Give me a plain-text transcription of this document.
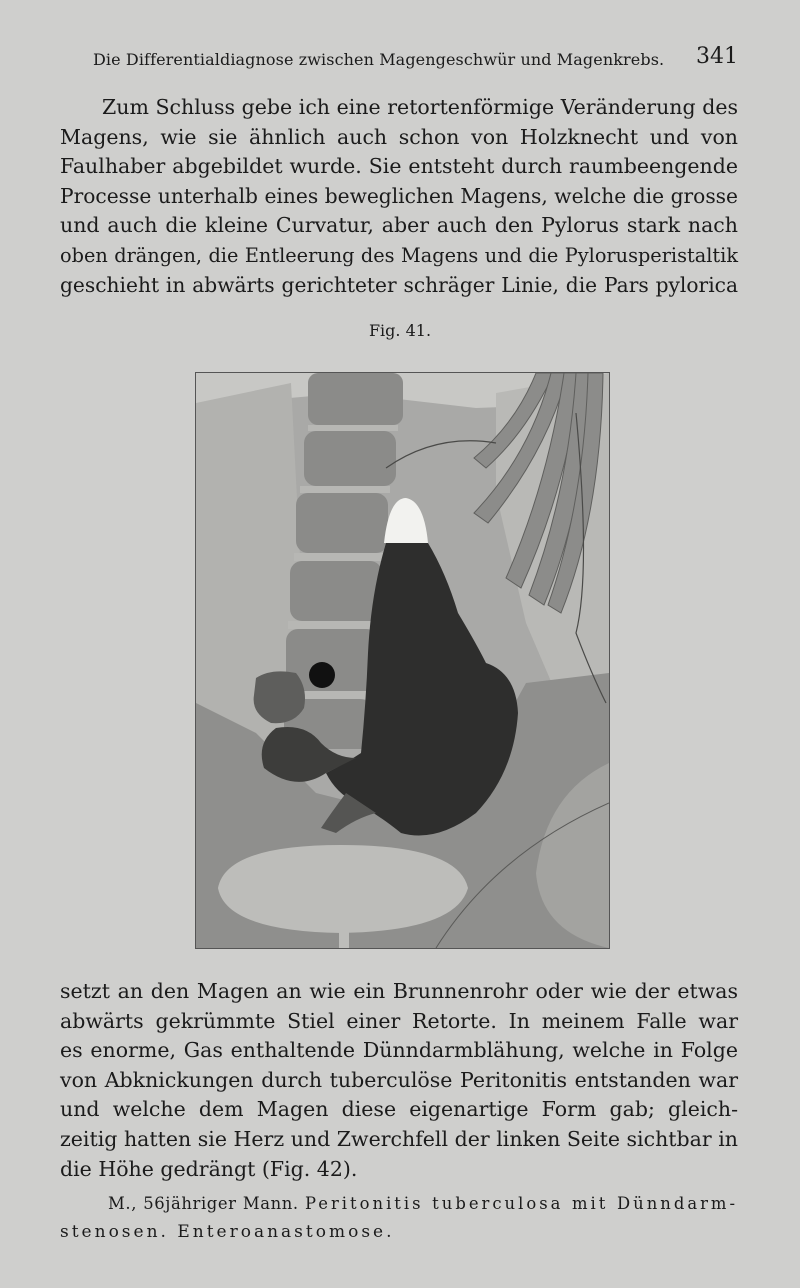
Die Differentialdiagnose zwischen Magengeschwür und Magenkrebs. 341
Zum Schluss gebe ich eine retortenförmige Veränderung des
Magens, wie sie ähnlich auch schon von Holzknecht und von
Faulhaber abgebildet wurde. Sie entsteht durch raumbeengende
Processe unterhalb eines beweglichen Magens, welche die grosse
und auch die kleine Curvatur, aber auch den Pylorus stark nach
oben drängen, die Entleerung des Magens und die Pylorusperistaltik
geschieht in abwärts gerichteter schräger Linie, die Pars pylorica
Fig. 41.
setzt an den Magen an wie ein Brunnenrohr oder wie der etwas
abwärts gekrümmte Stiel einer Retorte. In meinem Falle war
es enorme, Gas enthaltende Dünndarmblähung, welche in Folge
von Abknickungen durch tuberculöse Peritonitis entstanden war
und welche dem Magen diese eigenartige Form gab; gleich-
zeitig hatten sie Herz und Zwerchfell der linken Seite sichtbar in
die Höhe gedrängt (Fig. 42).
M., 56jähriger Mann. Peritonitis tuberculosa mit Dünndarm-
stenosen. Enteroanastomose.
